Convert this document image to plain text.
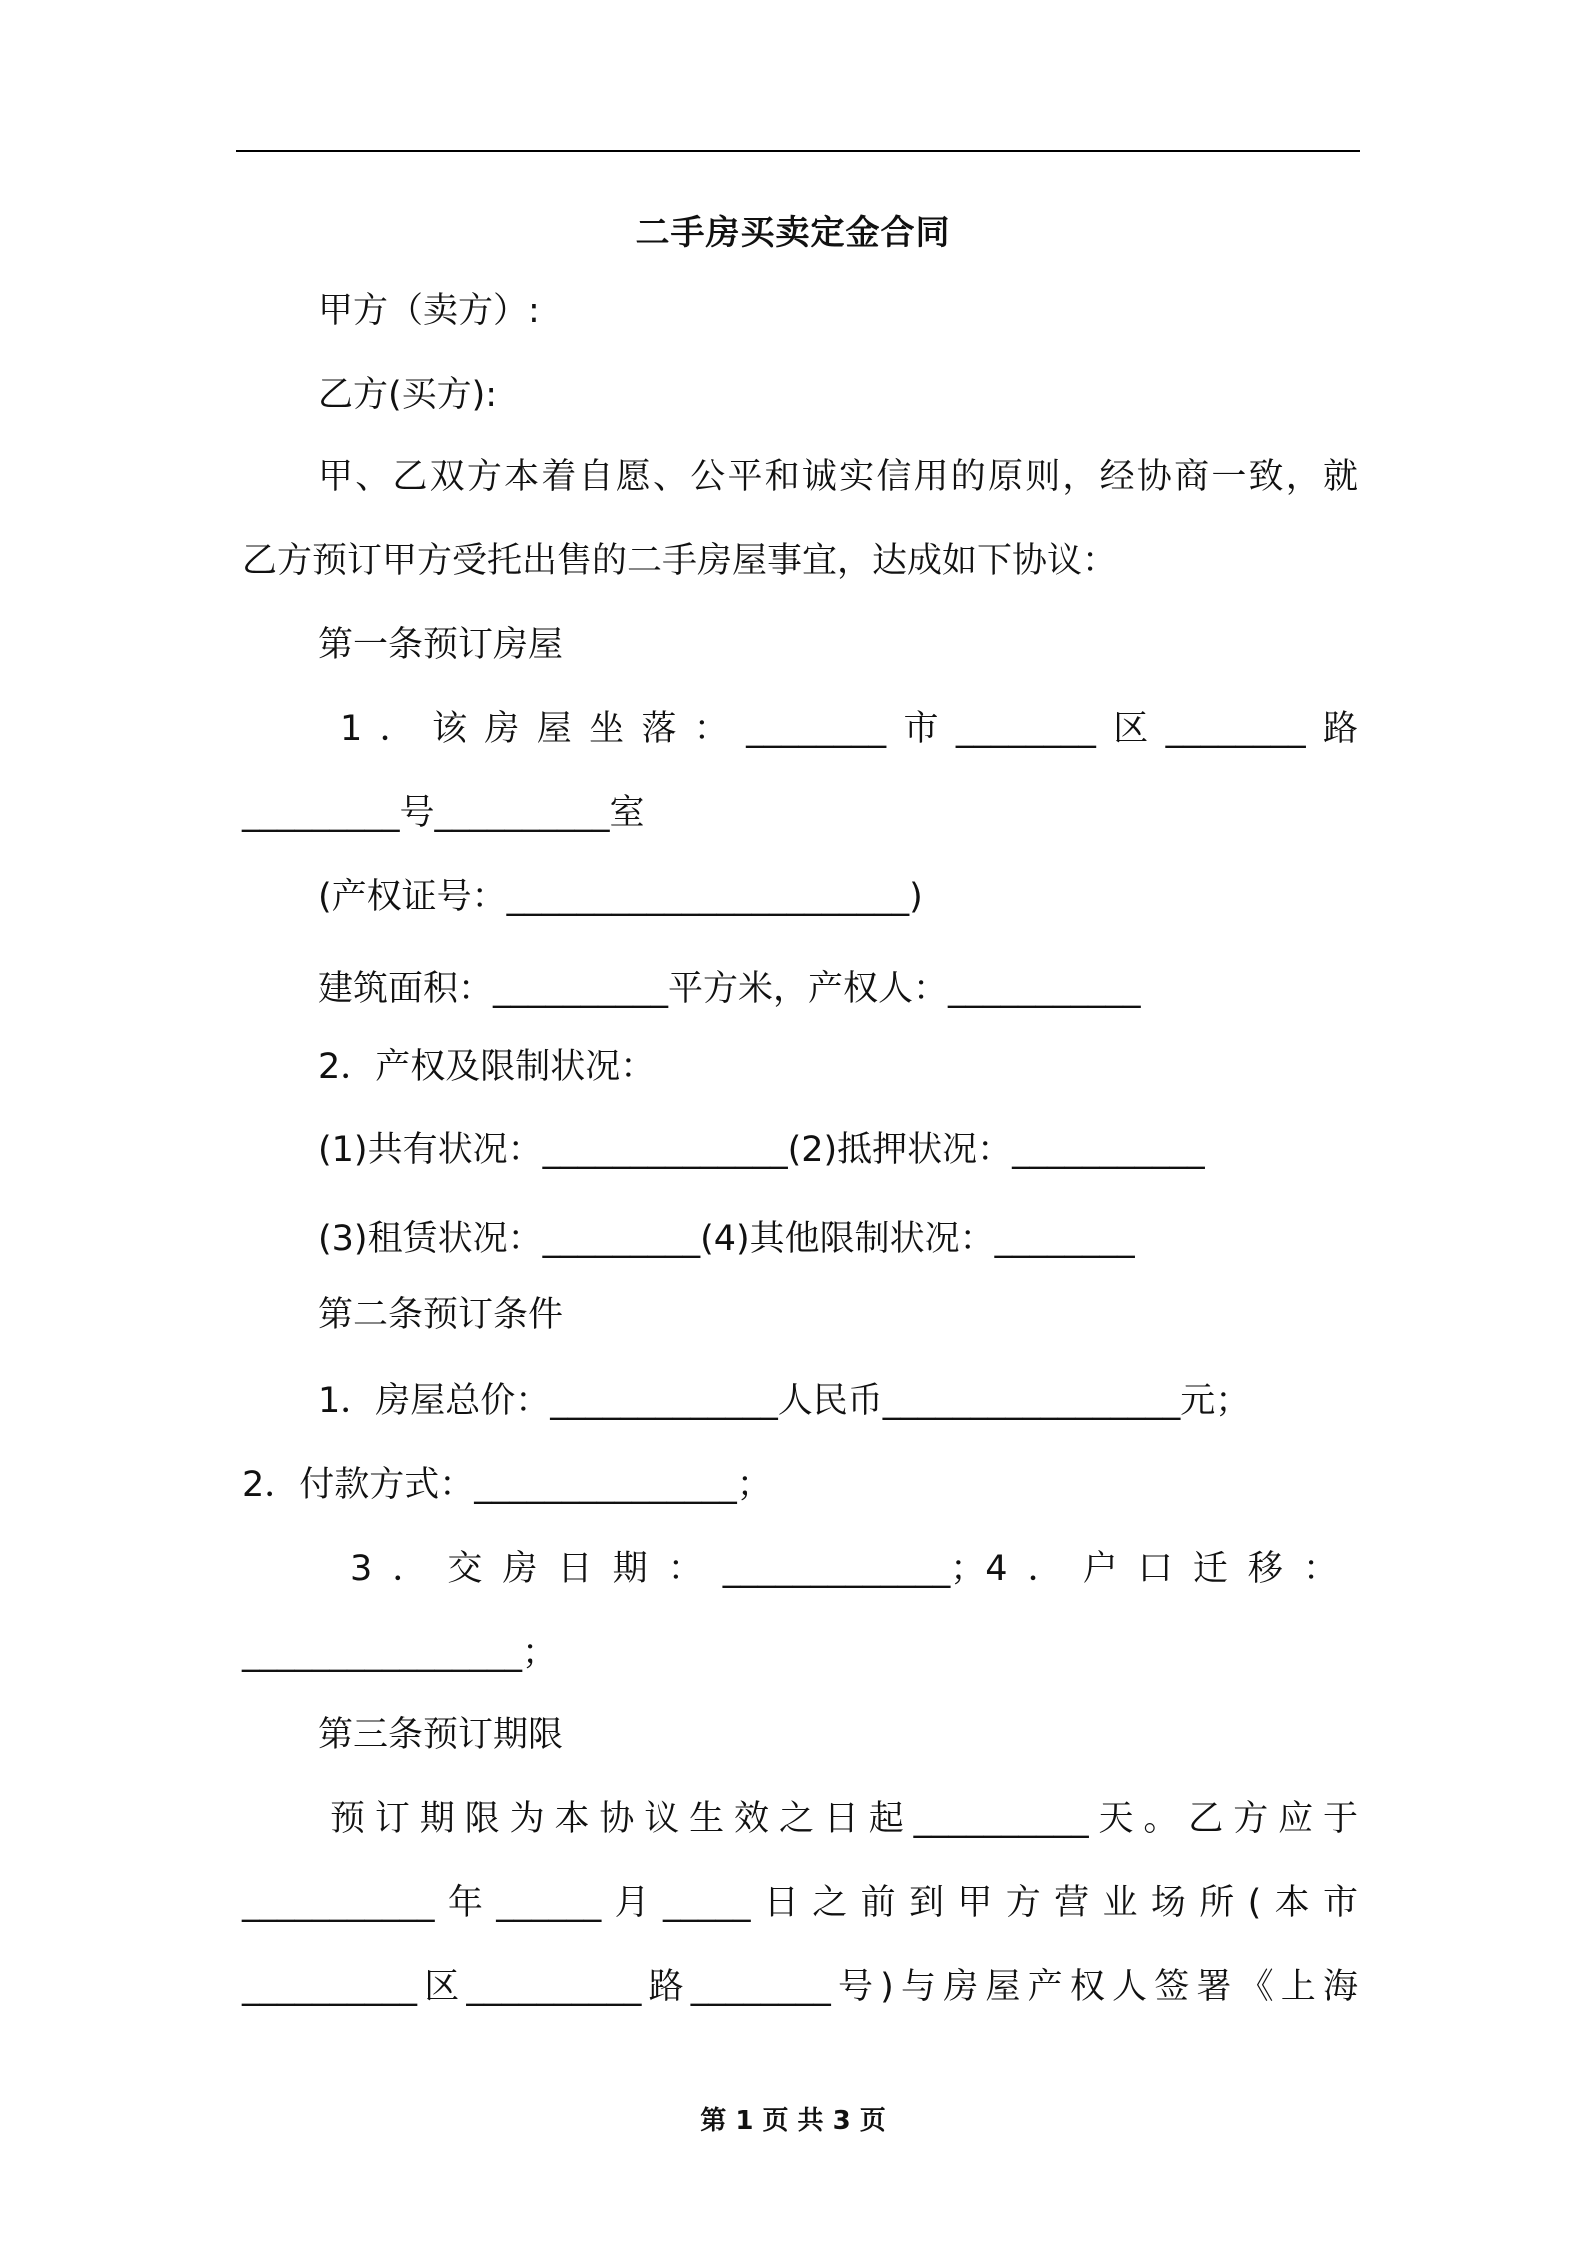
二手房买卖定金合同
甲方（卖方）:
乙方(买方):
甲、乙双方本着自愿、公平和诚实信用的原则，经协商一致，就
乙方预订甲方受托出售的二手房屋事宜，达成如下协议：
第一条预订房屋
1．该房屋坐落：________市________区________路
_________号__________室
(产权证号：_______________________)
建筑面积：__________平方米，产权人：___________
2．产权及限制状况：
(1)共有状况：______________(2)抵押状况：___________
(3)租赁状况：_________(4)其他限制状况：________
第二条预订条件
1．房屋总价：_____________人民币_________________元；
2．付款方式：_______________；
3．交房日期：_____________；4．户口迁移：
________________；
第三条预订期限
预订期限为本协议生效之日起__________天。乙方应于
___________年______月_____日之前到甲方营业场所(本市
__________区__________路________号)与房屋产权人签署《上海
第 1 页 共 3 页
